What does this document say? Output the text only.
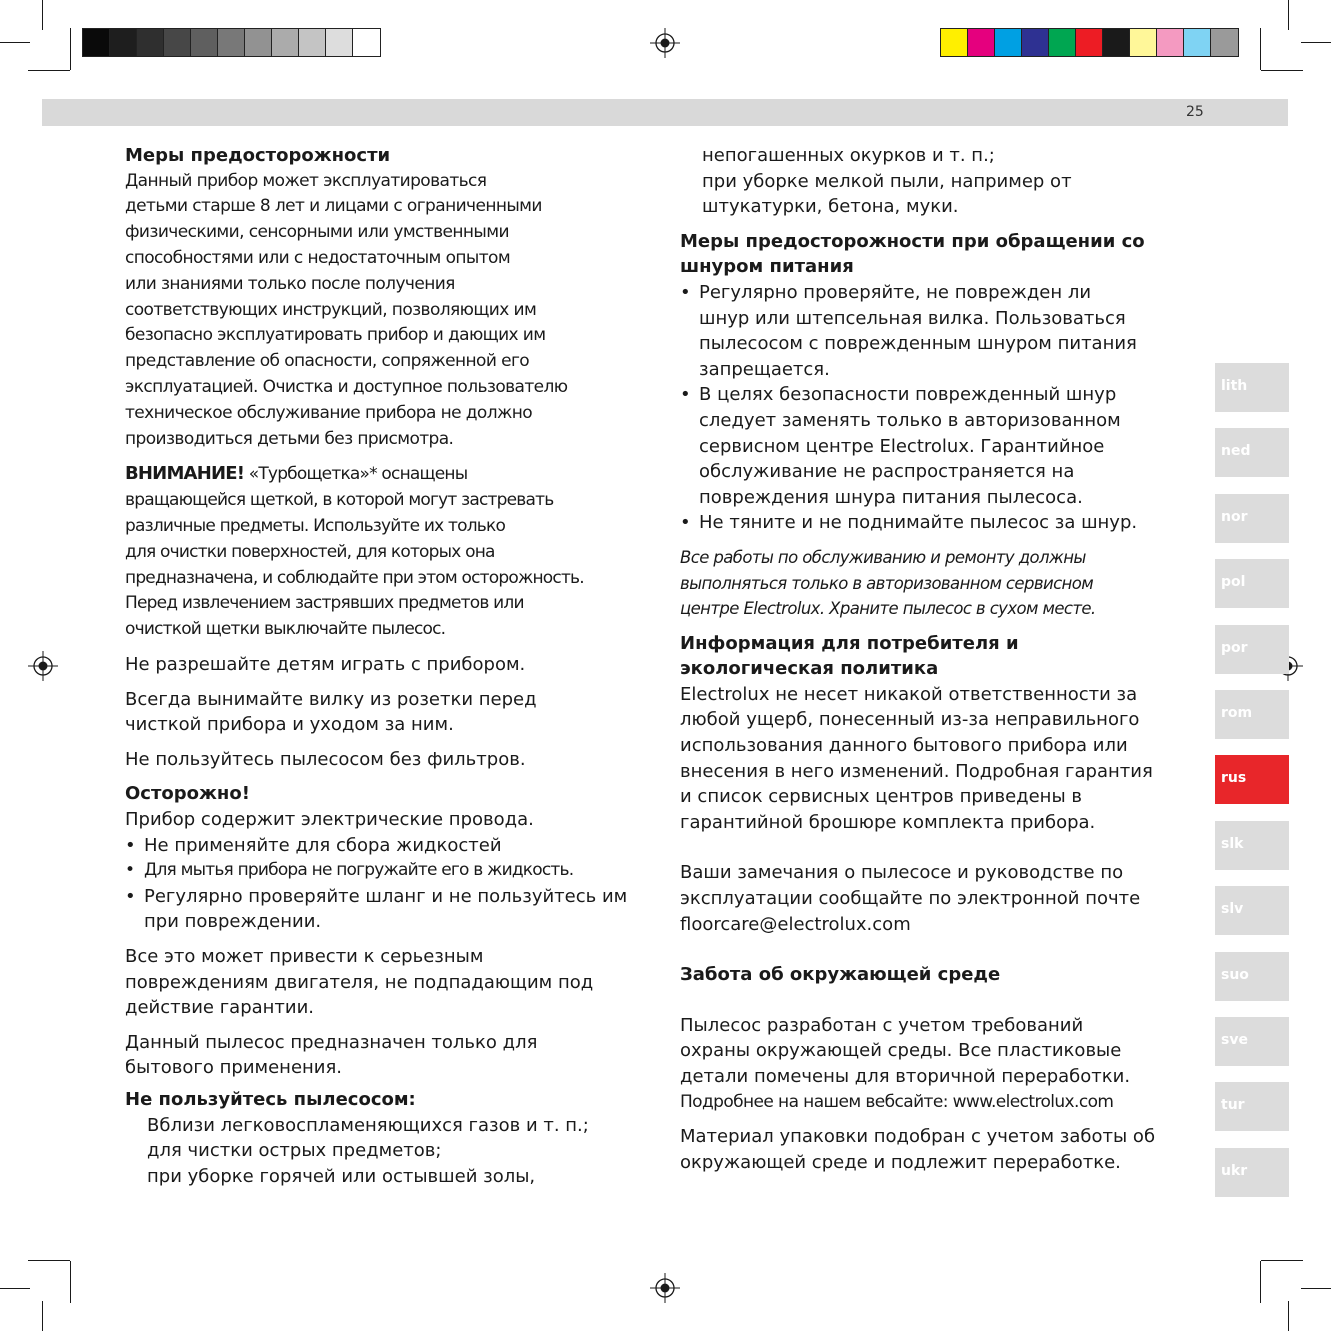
25
Меры предосторожности
Данный прибор может эксплуатироваться
детьми старше 8 лет и лицами с ограниченными
физическими, сенсорными или умственными
способностями или с недостаточным опытом
или знаниями только после получения
соответствующих инструкций, позволяющих им
безопасно эксплуатировать прибор и дающих им
представление об опасности, сопряженной его
эксплуатацией. Очистка и доступное пользователю
техническое обслуживание прибора не должно
производиться детьми без присмотра.
ВНИМАНИЕ! «Турбощетка»* оснащены
вращающейся щеткой, в которой могут застревать
различные предметы. Используйте их только
для очистки поверхностей, для которых она
предназначена, и соблюдайте при этом осторожность.
Перед извлечением застрявших предметов или
очисткой щетки выключайте пылесос.
Не разрешайте детям играть с прибором.
Всегда вынимайте вилку из розетки перед
чисткой прибора и уходом за ним.
Не пользуйтесь пылесосом без фильтров.
Осторожно!
Прибор содержит электрические провода.
• Не применяйте для сбора жидкостей
• Для мытья прибора не погружайте его в жидкость.
• Регулярно проверяйте шланг и не пользуйтесь им при повреждении.
Все это может привести к серьезным
повреждениям двигателя, не подпадающим под
действие гарантии.
Данный пылесос предназначен только для
бытового применения.
Не пользуйтесь пылесосом:
Вблизи легковоспламеняющихся газов и т. п.;
для чистки острых предметов;
при уборке горячей или остывшей золы,
непогашенных окурков и т. п.;
при уборке мелкой пыли, например от
штукатурки, бетона, муки.
Меры предосторожности при обращении со
шнуром питания
• Регулярно проверяйте, не поврежден ли
шнур или штепсельная вилка. Пользоваться
пылесосом с поврежденным шнуром питания
запрещается.
• В целях безопасности поврежденный шнур
следует заменять только в авторизованном
сервисном центре Electrolux. Гарантийное
обслуживание не распространяется на
повреждения шнура питания пылесоса.
• Не тяните и не поднимайте пылесос за шнур.
Все работы по обслуживанию и ремонту должны
выполняться только в авторизованном сервисном
центре Electrolux. Храните пылесос в сухом месте.
Информация для потребителя и
экологическая политика
Electrolux не несет никакой ответственности за
любой ущерб, понесенный из-за неправильного
использования данного бытового прибора или
внесения в него изменений. Подробная гарантия
и список сервисных центров приведены в
гарантийной брошюре комплекта прибора.
Ваши замечания о пылесосе и руководстве по
эксплуатации сообщайте по электронной почте
floorcare@electrolux.com
Забота об окружающей среде
Пылесос разработан с учетом требований
охраны окружающей среды. Все пластиковые
детали помечены для вторичной переработки.
Подробнее на нашем вебсайте: www.electrolux.com
Материал упаковки подобран с учетом заботы об
окружающей среде и подлежит переработке.
lith
ned
nor
pol
por
rom
rus
slk
slv
suo
sve
tur
ukr
